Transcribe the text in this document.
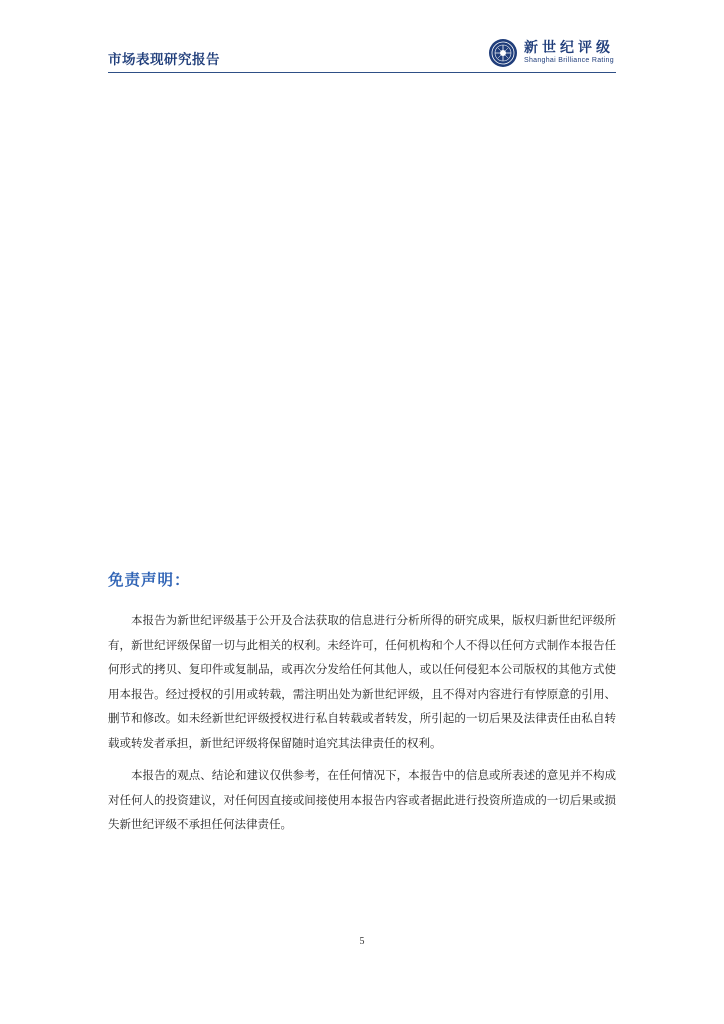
市场表现研究报告
新世纪评级
Shanghai Brilliance Rating
免责声明：

本报告为新世纪评级基于公开及合法获取的信息进行分析所得的研究成果，版权归新世纪评级所有，新世纪评级保留一切与此相关的权利。未经许可，任何机构和个人不得以任何方式制作本报告任何形式的拷贝、复印件或复制品，或再次分发给任何其他人，或以任何侵犯本公司版权的其他方式使用本报告。经过授权的引用或转载，需注明出处为新世纪评级，且不得对内容进行有悖原意的引用、删节和修改。如未经新世纪评级授权进行私自转载或者转发，所引起的一切后果及法律责任由私自转载或转发者承担，新世纪评级将保留随时追究其法律责任的权利。

本报告的观点、结论和建议仅供参考，在任何情况下，本报告中的信息或所表述的意见并不构成对任何人的投资建议，对任何因直接或间接使用本报告内容或者据此进行投资所造成的一切后果或损失新世纪评级不承担任何法律责任。

5
